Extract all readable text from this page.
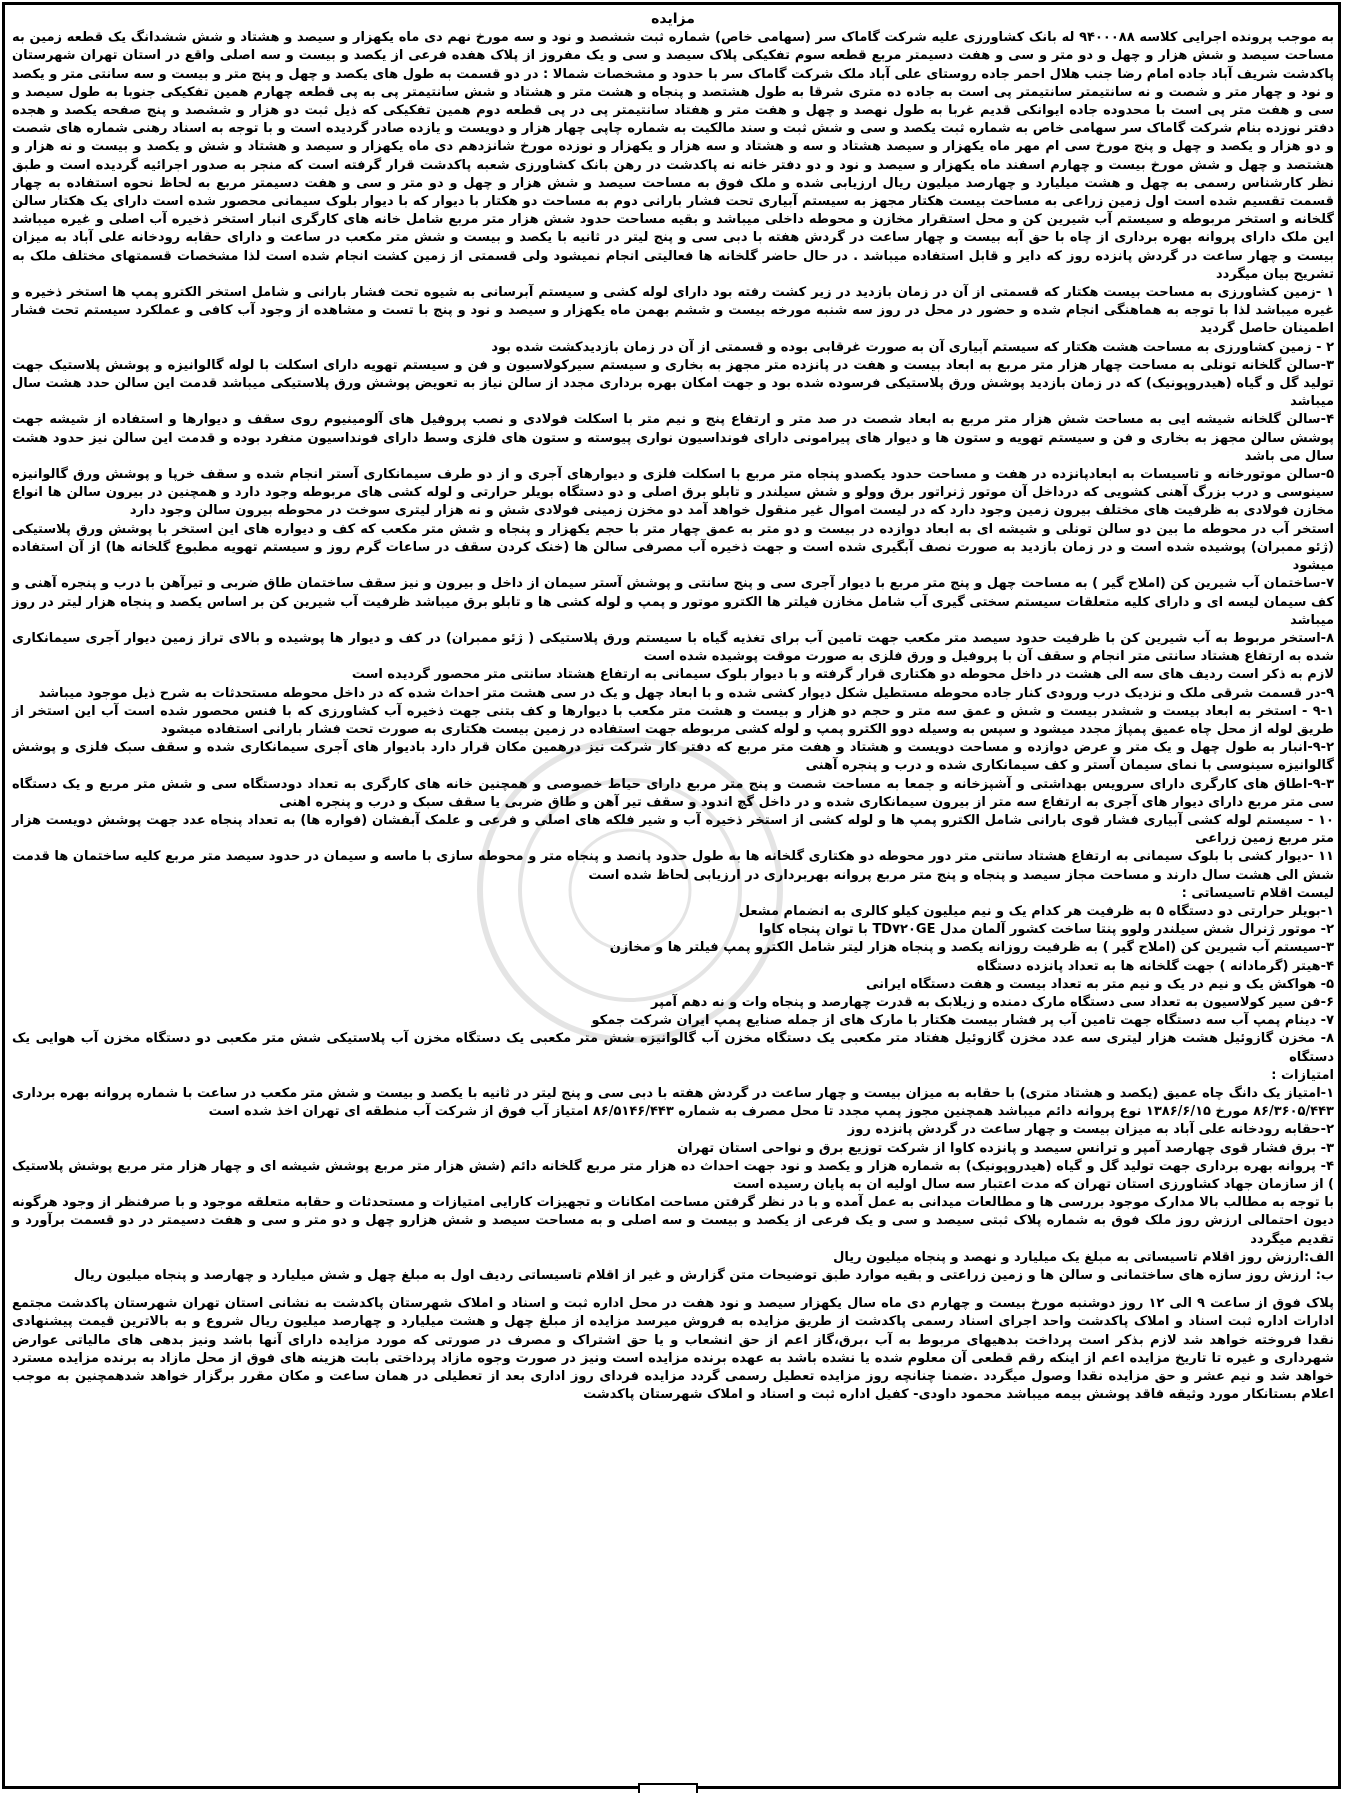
مزایده

به موجب پرونده اجرایی کلاسه ۹۴۰۰۰۸۸ له بانک کشاورزی علیه شرکت گاماک سر (سهامی خاص) شماره ثبت ششصد و نود و سه مورخ نهم دی ماه یکهزار و سیصد و هشتاد و شش ششدانگ یک قطعه زمین به مساحت سیصد و شش هزار و چهل و دو متر و سی و هفت دسیمتر مربع قطعه سوم تفکیکی پلاک سیصد و سی و یک مفروز از پلاک هفده فرعی از یکصد و بیست و سه اصلی واقع در استان تهران شهرستان پاکدشت شریف آباد جاده امام رضا جنب هلال احمر جاده روستای علی آباد ملک شرکت گاماک سر با حدود و مشخصات شمالا : در دو قسمت به طول های یکصد و چهل و پنج متر و بیست و سه سانتی متر و یکصد و نود و چهار متر و شصت و نه سانتیمتر سانتیمتر پی است به جاده ده متری شرقا به طول هشتصد و پنجاه و هشت متر و هشتاد و شش سانتیمتر پی به پی قطعه چهارم همین تفکیکی جنوبا به طول سیصد و سی و هفت متر پی است با محدوده جاده ایوانکی قدیم غربا به طول نهصد و چهل و هفت متر و هفتاد سانتیمتر پی در پی قطعه دوم همین تفکیکی که ذیل ثبت دو هزار و ششصد و پنج صفحه یکصد و هجده دفتر نوزده بنام شرکت گاماک سر سهامی خاص به شماره ثبت یکصد و سی و شش ثبت و سند مالکیت به شماره چاپی چهار هزار و دویست و یازده صادر گردیده است و با توجه به اسناد رهنی شماره های شصت و دو هزار و یکصد و چهل و پنج مورخ سی ام مهر ماه یکهزار و سیصد هشتاد و سه و هشتاد و سه هزار و یکهزار و نوزده مورخ شانزدهم دی ماه یکهزار و سیصد و هشتاد و شش و یکصد و بیست و نه هزار و هشتصد و چهل و شش مورخ بیست و چهارم اسفند ماه یکهزار و سیصد و نود و دو دفتر خانه نه پاکدشت در رهن بانک کشاورزی شعبه پاکدشت قرار گرفته است که منجر به صدور اجرائیه گردیده است و طبق نظر کارشناس رسمی به چهل و هشت میلیارد و چهارصد میلیون ریال ارزیابی شده و ملک فوق به مساحت سیصد و شش هزار و چهل و دو متر و سی و هفت دسیمتر مربع به لحاظ نحوه استفاده به چهار قسمت تقسیم شده است اول زمین زراعی به مساحت بیست هکتار مجهز به سیستم آبیاری تحت فشار بارانی دوم به مساحت دو هکتار با دیوار که با دیوار بلوک سیمانی محصور شده است دارای یک هکتار سالن گلخانه و استخر مربوطه و سیستم آب شیرین کن و محل استقرار مخازن و محوطه داخلی میباشد و بقیه مساحت حدود شش هزار متر مربع شامل خانه های کارگری انبار استخر ذخیره آب اصلی و غیره میباشد این ملک دارای پروانه بهره برداری از چاه با حق آبه بیست و چهار ساعت در گردش هفته با دبی سی و پنج لیتر در ثانیه با یکصد و بیست و شش متر مکعب در ساعت و دارای حقابه رودخانه علی آباد به میزان بیست و چهار ساعت در گردش پانزده روز که دایر و قابل استفاده میباشد . در حال حاضر گلخانه ها فعالیتی انجام نمیشود ولی قسمتی از زمین کشت انجام شده است لذا مشخصات قسمتهای مختلف ملک به تشریح بیان میگردد

۱ -زمین کشاورزی به مساحت بیست هکتار که قسمتی از آن در زمان بازدید در زیر کشت رفته بود دارای لوله کشی و سیستم آبرسانی به شیوه تحت فشار بارانی و شامل استخر الکترو پمپ ها استخر ذخیره و غیره میباشد لذا با توجه به هماهنگی انجام شده و حضور در محل در روز سه شنبه مورخه بیست و ششم بهمن ماه یکهزار و سیصد و نود و پنج با تست و مشاهده از وجود آب کافی و عملکرد سیستم تحت فشار اطمینان حاصل گردید

۲ - زمین کشاورزی به مساحت هشت هکتار که سیستم آبیاری آن به صورت غرقابی بوده و قسمتی از آن در زمان بازدیدکشت شده بود

۳-سالن گلخانه تونلی به مساحت چهار هزار متر مربع به ابعاد بیست و هفت در پانزده متر مجهز به بخاری و سیستم سیرکولاسیون و فن و سیستم تهویه دارای اسکلت با لوله گالوانیزه و پوشش پلاستیک جهت تولید گل و گیاه (هیدروپونیک) که در زمان بازدید پوشش ورق پلاستیکی فرسوده شده بود و جهت امکان بهره برداری مجدد از سالن نیاز به تعویض پوشش ورق پلاستیکی میباشد قدمت این سالن حدد هشت سال میباشد

۴-سالن گلخانه شیشه ایی به مساحت شش هزار متر مربع به ابعاد شصت در صد متر و ارتفاع پنج و نیم متر با اسکلت فولادی و نصب پروفیل های آلومینیوم روی سقف و دیوارها و استفاده از شیشه جهت پوشش سالن مجهز به بخاری و فن و سیستم تهویه و ستون ها و دیوار های پیرامونی دارای فونداسیون نواری پیوسته و ستون های فلزی وسط دارای فونداسیون منفرد بوده و قدمت این سالن نیز حدود هشت سال می باشد

۵-سالن موتورخانه و تاسیسات به ابعادپانزده در هفت و مساحت حدود یکصدو پنجاه متر مربع با اسکلت فلزی و دیوارهای آجری و از دو طرف سیمانکاری آستر انجام شده و سقف خرپا و پوشش ورق گالوانیزه سینوسی و درب بزرگ آهنی کشویی که درداخل آن موتور ژنراتور برق وولو و شش سیلندر و تابلو برق اصلی و دو دستگاه بویلر حرارتی و لوله کشی های مربوطه وجود دارد و همچنین در بیرون سالن ها انواع مخازن فولادی به ظرفیت های مختلف بیرون زمین وجود دارد که در لیست اموال غیر منقول خواهد آمد دو مخزن زمینی فولادی شش و نه هزار لیتری سوخت در محوطه بیرون سالن وجود دارد

استخر آب در محوطه ما بین دو سالن تونلی و شیشه ای به ابعاد دوازده در بیست و دو متر به عمق چهار متر با حجم یکهزار و پنجاه و شش متر مکعب که کف و دیواره های این استخر با پوشش ورق پلاستیکی (ژئو ممبران) پوشیده شده است و در زمان بازدید به صورت نصف آبگیری شده است و جهت ذخیره آب مصرفی سالن ها (خنک کردن سقف در ساعات گرم روز و سیستم تهویه مطبوع گلخانه ها) از آن استفاده میشود

۷-ساختمان آب شیرین کن (املاح گیر ) به مساحت چهل و پنج متر مربع با دیوار آجری سی و پنج سانتی و پوشش آستر سیمان از داخل و بیرون و نیز سقف ساختمان طاق ضربی و تیرآهن با درب و پنجره آهنی و کف سیمان لیسه ای و دارای کلیه متعلقات سیستم سختی گیری آب شامل مخازن فیلتر ها الکترو موتور و پمپ و لوله کشی ها و تابلو برق میباشد ظرفیت آب شیرین کن بر اساس یکصد و پنجاه هزار لیتر در روز میباشد

۸-استخر مربوط به آب شیرین کن با ظرفیت حدود سیصد متر مکعب جهت تامین آب برای تغذیه گیاه با سیستم ورق پلاستیکی ( ژئو ممبران) در کف و دیوار ها پوشیده و بالای تراز زمین دیوار آجری سیمانکاری شده به ارتفاع هشتاد سانتی متر انجام و سقف آن با پروفیل و ورق فلزی به صورت موقت پوشیده شده است

لازم به ذکر است ردیف های سه الی هشت در داخل محوطه دو هکتاری قرار گرفته و با دیوار بلوک سیمانی به ارتفاع هشتاد سانتی متر محصور گردیده است

۹-در قسمت شرقی ملک و نزدیک درب ورودی کنار جاده محوطه مستطیل شکل دیوار کشی شده و با ابعاد چهل و یک در سی هشت متر احداث شده که در داخل محوطه مستحدثات به شرح ذیل موجود میباشد

۹-۱ - استخر به ابعاد بیست و ششدر بیست و شش و عمق سه متر و حجم دو هزار و بیست و هشت متر مکعب با دیوارها و کف بتنی جهت ذخیره آب کشاورزی که با فنس محصور شده است آب این استخر از طریق لوله از محل چاه عمیق پمپاژ مجدد میشود و سپس به وسیله دوو الکترو پمپ و لوله کشی مربوطه جهت استفاده در زمین بیست هکتاری به صورت تحت فشار بارانی استفاده میشود

۹-۲-انبار به طول چهل و یک متر و عرض دوازده و مساحت دویست و هشتاد و هفت متر مربع که دفتر کار شرکت نیز درهمین مکان قرار دارد بادیوار های آجری سیمانکاری شده و سقف سبک فلزی و پوشش گالوانیزه سینوسی با نمای سیمان آستر و کف سیمانکاری شده و درب و پنجره آهنی

۹-۳-اطاق های کارگری دارای سرویس بهداشتی و آشپزخانه و جمعا به مساحت شصت و پنج متر مربع دارای حیاط خصوصی و همچنین خانه های کارگری به تعداد دودستگاه سی و شش متر مربع و یک دستگاه سی متر مربع دارای دیوار های آجری به ارتفاع سه متر از بیرون سیمانکاری شده و در داخل گچ اندود و سقف تیر آهن و طاق ضربی یا سقف سبک و درب و پنجره اهنی

۱۰ - سیستم لوله کشی آبیاری فشار قوی بارانی شامل الکترو پمپ ها و لوله کشی از استخر ذخیره آب و شیر فلکه های اصلی و فرعی و علمک آبفشان (فواره ها) به تعداد پنجاه عدد جهت پوشش دویست هزار متر مربع زمین زراعی

۱۱ -دیوار کشی با بلوک سیمانی به ارتفاع هشتاد سانتی متر دور محوطه دو هکتاری گلخانه ها به طول حدود پانصد و پنجاه متر و محوطه سازی با ماسه و سیمان در حدود سیصد متر مربع کلیه ساختمان ها قدمت شش الی هشت سال دارند و مساحت مجاز سیصد و پنجاه و پنج متر مربع پروانه بهربرداری در ارزیابی لحاظ شده است

لیست اقلام تاسیساتی :

۱-بویلر حرارتی دو دستگاه ۵ به ظرفیت هر کدام یک و نیم میلیون کیلو کالری به انضمام مشعل

۲- موتور ژنرال شش سیلندر ولوو پنتا ساخت کشور آلمان مدل TD۷۲۰GE با توان پنجاه کاوا

۳-سیستم آب شیرین کن (املاح گیر ) به ظرفیت روزانه یکصد و پنجاه هزار لیتر شامل الکترو پمپ فیلتر ها و مخازن

۴-هیتر (گرمادانه ) جهت گلخانه ها به تعداد پانزده دستگاه

۵- هواکش یک و نیم در یک و نیم متر به تعداد بیست و هفت دستگاه ایرانی

۶-فن سیر کولاسیون به تعداد سی دستگاه مارک دمنده و زیلابک به قدرت چهارصد و پنجاه وات و نه دهم آمپر

۷- دینام پمپ آب سه دستگاه جهت تامین آب پر فشار بیست هکتار با مارک های از جمله صنایع پمپ ایران شرکت جمکو

۸- مخزن گازوئیل هشت هزار لیتری سه عدد مخزن گازوئیل هفتاد متر مکعبی یک دستگاه مخزن آب گالوانیزه شش متر مکعبی یک دستگاه مخزن آب پلاستیکی شش متر مکعبی دو دستگاه مخزن آب هوایی یک دستگاه

امتیازات :

۱-امتیاز یک دانگ چاه عمیق (یکصد و هشتاد متری) با حقابه به میزان بیست و چهار ساعت در گردش هفته با دبی سی و پنج لیتر در ثانیه با یکصد و بیست و شش متر مکعب در ساعت با شماره پروانه بهره برداری ۸۶/۳۶۰۵/۴۴۳ مورخ ۱۳۸۶/۶/۱۵ نوع پروانه دائم میباشد همچنین مجوز پمپ مجدد تا محل مصرف به شماره ۸۶/۵۱۴۶/۴۴۳ امتیاز آب فوق از شرکت آب منطقه ای تهران اخذ شده است

۲-حقابه رودخانه علی آباد به میزان بیست و چهار ساعت در گردش پانزده روز

۳- برق فشار قوی چهارصد آمپر و ترانس سیصد و پانزده کاوا از شرکت توزیع برق و نواحی استان تهران

۴- پروانه بهره برداری جهت تولید گل و گیاه (هیدروپونیک) به شماره هزار و یکصد و نود جهت احداث ده هزار متر مربع گلخانه دائم (شش هزار متر مربع پوشش شیشه ای و چهار هزار متر مربع پوشش پلاستیک ) از سازمان جهاد کشاورزی استان تهران که مدت اعتبار سه سال اولیه ان به پایان رسیده است

با توجه به مطالب بالا مدارک موجود بررسی ها و مطالعات میدانی به عمل آمده و با در نظر گرفتن مساحت امکانات و تجهیزات کارایی امتیازات و مستحدثات و حقابه متعلقه موجود و با صرفنظر از وجود هرگونه دیون احتمالی ارزش روز ملک فوق به شماره پلاک ثبتی سیصد و سی و یک فرعی از یکصد و بیست و سه اصلی و به مساحت سیصد و شش هزارو چهل و دو متر و سی و هفت دسیمتر در دو قسمت برآورد و تقدیم میگردد

الف:ارزش روز اقلام تاسیساتی به مبلغ یک میلیارد و نهصد و پنجاه میلیون ریال

ب: ارزش روز سازه های ساختمانی و سالن ها و زمین زراعتی و بقیه موارد طبق توضیحات متن گزارش و غیر از اقلام تاسیساتی ردیف اول به مبلغ چهل و شش میلیارد و چهارصد و پنجاه میلیون ریال

پلاک فوق از ساعت ۹ الی ۱۲ روز دوشنبه مورخ بیست و چهارم دی ماه سال یکهزار سیصد و نود هفت در محل اداره ثبت و اسناد و املاک شهرستان پاکدشت به نشانی استان تهران شهرستان پاکدشت مجتمع ادارات اداره ثبت اسناد و املاک پاکدشت واحد اجرای اسناد رسمی پاکدشت از طریق مزایده به فروش میرسد مزایده از مبلغ چهل و هشت میلیارد و چهارصد میلیون ریال شروع و به بالاترین قیمت پیشنهادی نقدا فروخته خواهد شد لازم بذکر است پرداخت بدهیهای مربوط به آب ،برق،گاز اعم از حق انشعاب و یا حق اشتراک و مصرف در صورتی که مورد مزایده دارای آنها باشد ونیز بدهی های مالیاتی عوارض شهرداری و غیره تا تاریخ مزایده اعم از اینکه رقم قطعی آن معلوم شده یا نشده باشد به عهده برنده مزایده است ونیز در صورت وجوه مازاد پرداختی بابت هزینه های فوق از محل مازاد به برنده مزایده مسترد خواهد شد و نیم عشر و حق مزایده نقدا وصول میگردد .ضمنا چنانچه روز مزایده تعطیل رسمی گردد مزایده فردای روز اداری بعد از تعطیلی در همان ساعت و مکان مقرر برگزار خواهد شدهمچنین به موجب اعلام بستانکار مورد وثیقه فاقد پوشش بیمه میباشد محمود داودی- کفیل اداره ثبت و اسناد و املاک شهرستان پاکدشت
